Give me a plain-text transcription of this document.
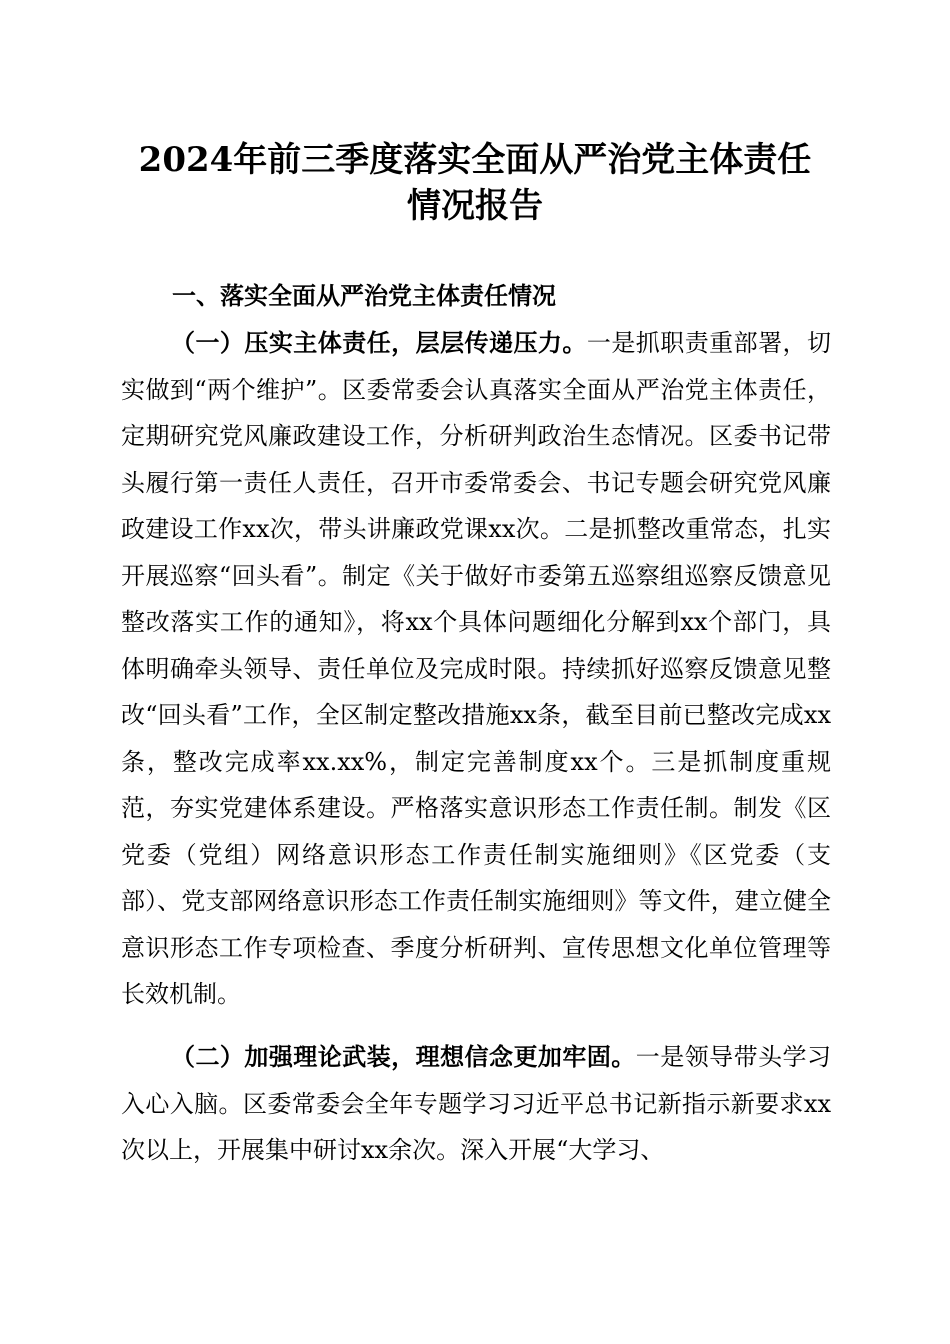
2024年前三季度落实全面从严治党主体责任
情况报告
一、落实全面从严治党主体责任情况

（一）压实主体责任，层层传递压力。一是抓职责重部署，切实做到“两个维护”。区委常委会认真落实全面从严治党主体责任，定期研究党风廉政建设工作，分析研判政治生态情况。区委书记带头履行第一责任人责任，召开市委常委会、书记专题会研究党风廉政建设工作xx次，带头讲廉政党课xx次。二是抓整改重常态，扎实开展巡察“回头看”。制定《关于做好市委第五巡察组巡察反馈意见整改落实工作的通知》，将xx个具体问题细化分解到xx个部门，具体明确牵头领导、责任单位及完成时限。持续抓好巡察反馈意见整改“回头看”工作，全区制定整改措施xx条，截至目前已整改完成xx条，整改完成率xx.xx%，制定完善制度xx个。三是抓制度重规范，夯实党建体系建设。严格落实意识形态工作责任制。制发《区党委（党组）网络意识形态工作责任制实施细则》《区党委（支部）、党支部网络意识形态工作责任制实施细则》等文件，建立健全意识形态工作专项检查、季度分析研判、宣传思想文化单位管理等长效机制。

（二）加强理论武装，理想信念更加牢固。一是领导带头学习入心入脑。区委常委会全年专题学习习近平总书记新指示新要求xx次以上，开展集中研讨xx余次。深入开展“大学习、
